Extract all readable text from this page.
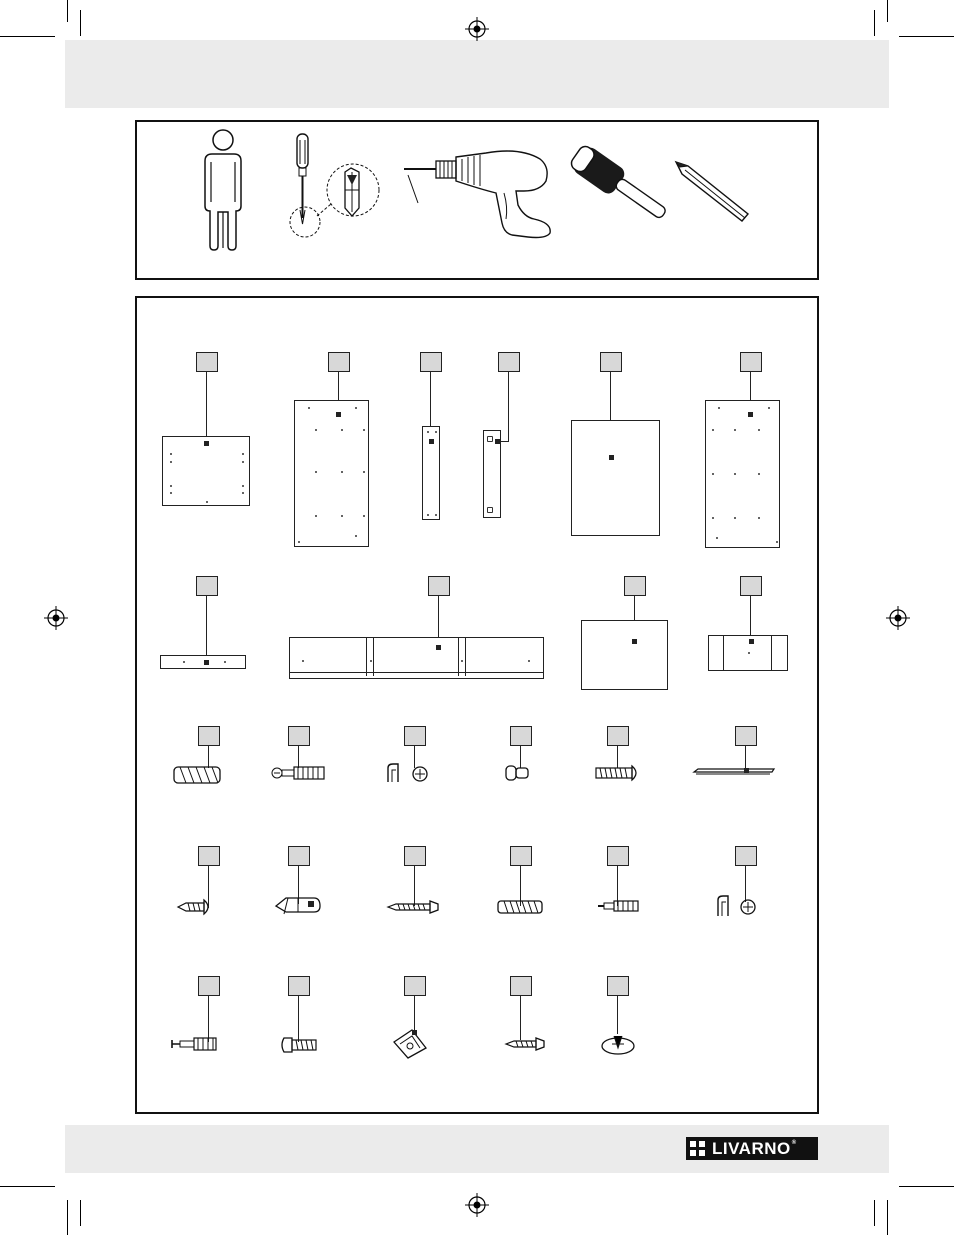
LIVARNO®
